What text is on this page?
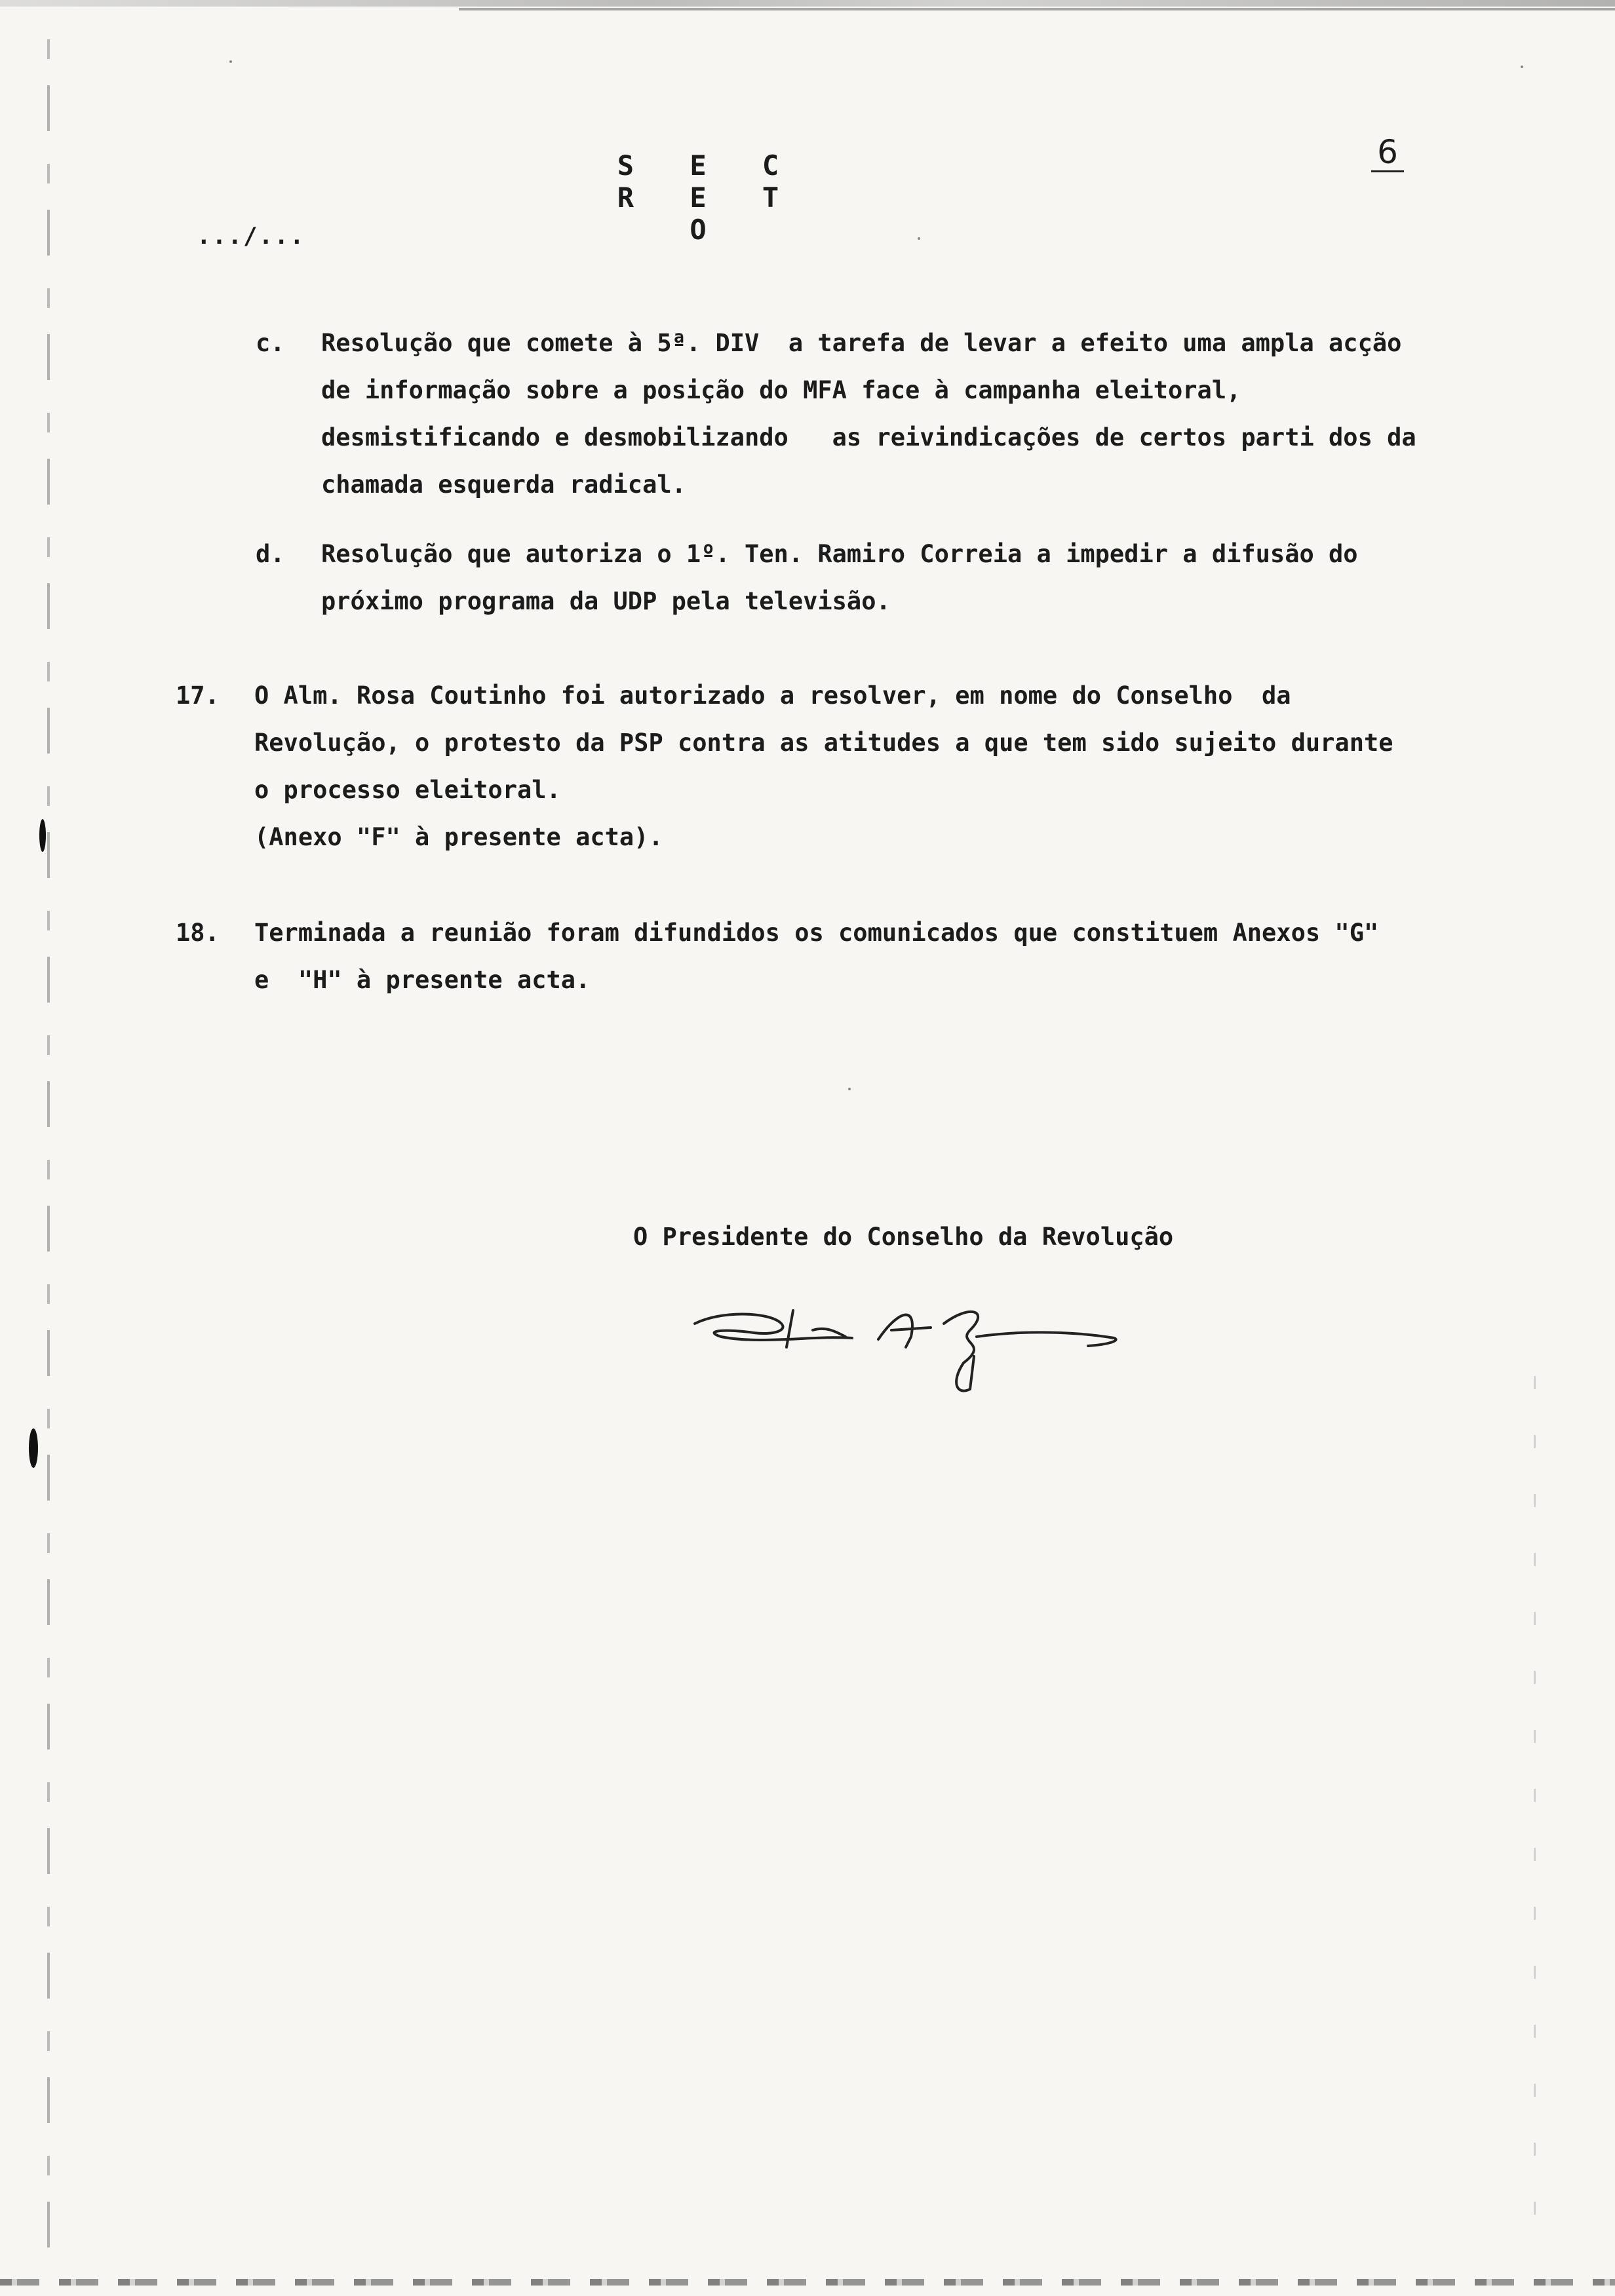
S E C R E T O
6
.../...
c. Resolução que comete à 5ª. DIV  a tarefa de levar a efeito uma ampla acção de informação sobre a posição do MFA face à campanha eleitoral, desmistificando e desmobilizando   as reivindicações de certos parti dos da chamada esquerda radical.
d. Resolução que autoriza o 1º. Ten. Ramiro Correia a impedir a difusão do próximo programa da UDP pela televisão.
17. O Alm. Rosa Coutinho foi autorizado a resolver, em nome do Conselho  da Revolução, o protesto da PSP contra as atitudes a que tem sido sujeito durante o processo eleitoral.
(Anexo "F" à presente acta).
18. Terminada a reunião foram difundidos os comunicados que constituem Anexos "G"  e  "H" à presente acta.
O Presidente do Conselho da Revolução
